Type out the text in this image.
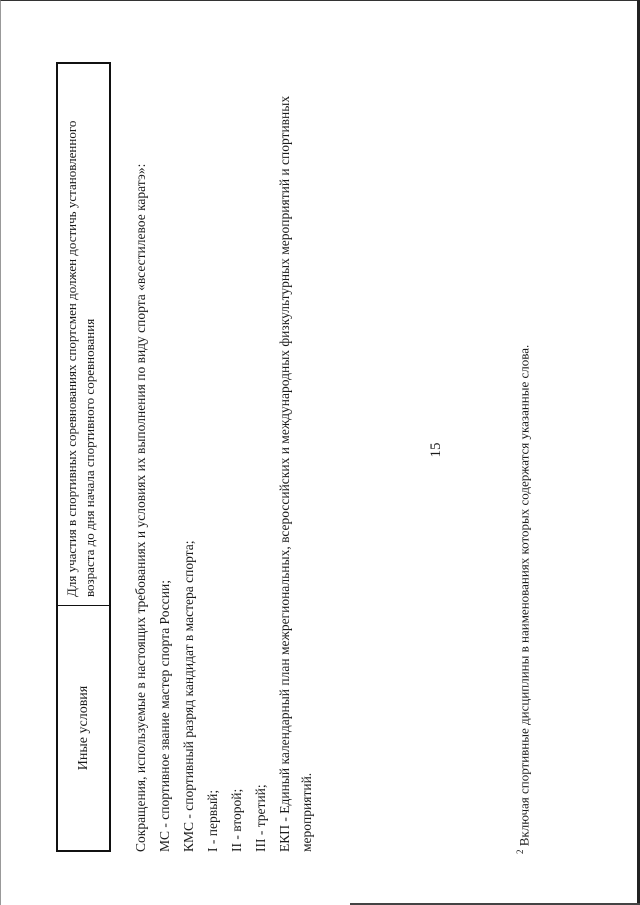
15
Иные условия
Для участия в спортивных соревнованиях спортсмен должен достичь установленного возраста до дня начала спортивного соревнования	Сокращения, используемые в настоящих требованиях и условиях их выполнения по виду спорта «всестилевое каратэ»: МС - спортивное звание мастер спорта России; КМС - спортивный разряд кандидат в мастера спорта; I - первый; II - второй; III - третий; ЕКП - Единый календарный план межрегиональных, всероссийских и международных физкультурных мероприятий и спортивных мероприятий.	$^2$ Включая спортивные дисциплины в наименованиях которых содержатся указанные слова.
